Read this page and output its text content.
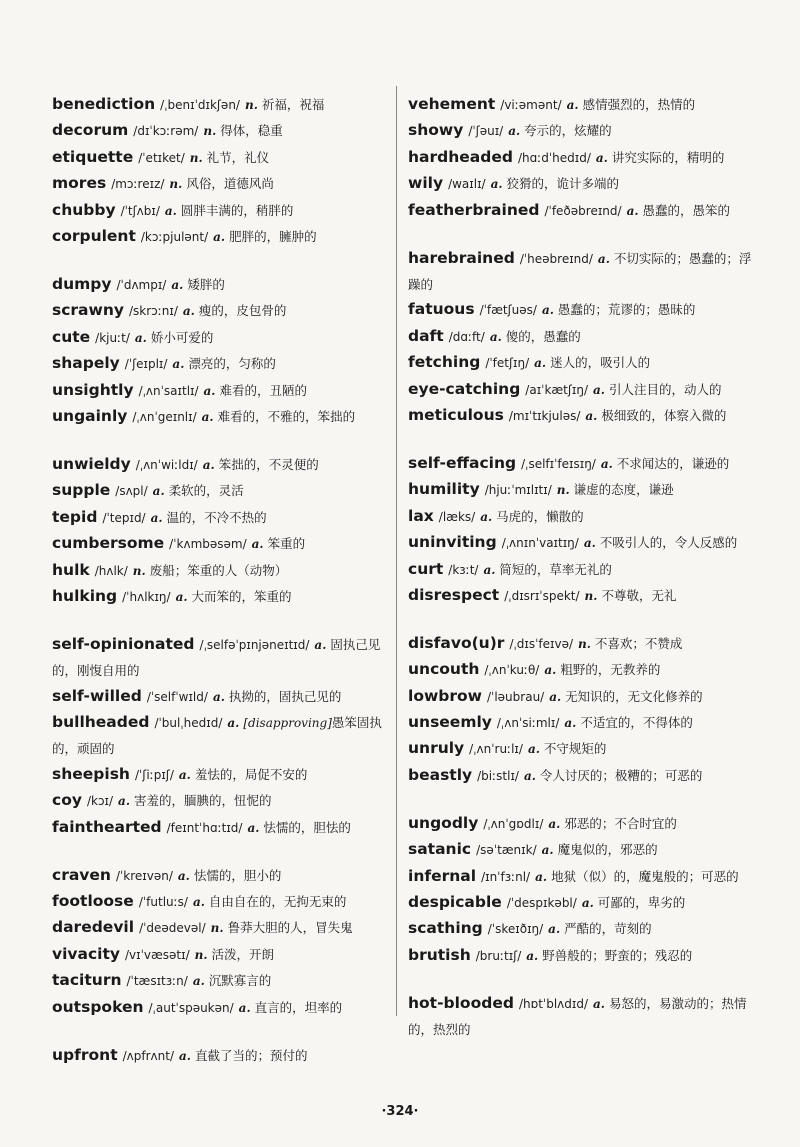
benediction /ˌbenɪˈdɪkʃən/ n. 祈福，祝福

decorum /dɪˈkɔːrəm/ n. 得体，稳重

etiquette /ˈetɪket/ n. 礼节，礼仪

mores /mɔːreɪz/ n. 风俗，道德风尚

chubby /ˈtʃʌbɪ/ a. 圆胖丰满的，稍胖的

corpulent /kɔːpjulənt/ a. 肥胖的，臃肿的

dumpy /ˈdʌmpɪ/ a. 矮胖的

scrawny /skrɔːnɪ/ a. 瘦的，皮包骨的

cute /kjuːt/ a. 娇小可爱的

shapely /ˈʃeɪplɪ/ a. 漂亮的，匀称的

unsightly /ˌʌnˈsaɪtlɪ/ a. 难看的，丑陋的

ungainly /ˌʌnˈgeɪnlɪ/ a. 难看的，不雅的，笨拙的

unwieldy /ˌʌnˈwiːldɪ/ a. 笨拙的，不灵便的

supple /sʌpl/ a. 柔软的，灵活

tepid /ˈtepɪd/ a. 温的，不冷不热的

cumbersome /ˈkʌmbəsəm/ a. 笨重的

hulk /hʌlk/ n. 废船；笨重的人（动物）

hulking /ˈhʌlkɪŋ/ a. 大而笨的，笨重的

self-opinionated /ˌselfəˈpɪnjəneɪtɪd/ a. 固执己见的，刚愎自用的

self-willed /ˈselfˈwɪld/ a. 执拗的，固执己见的

bullheaded /ˈbulˌhedɪd/ a. [disapproving]愚笨固执的，顽固的

sheepish /ˈʃiːpɪʃ/ a. 羞怯的，局促不安的

coy /kɔɪ/ a. 害羞的，腼腆的，忸怩的

fainthearted /feɪntˈhɑːtɪd/ a. 怯懦的，胆怯的

craven /ˈkreɪvən/ a. 怯懦的，胆小的

footloose /ˈfutluːs/ a. 自由自在的，无拘无束的

daredevil /ˈdeədevəl/ n. 鲁莽大胆的人，冒失鬼

vivacity /vɪˈvæsətɪ/ n. 活泼，开朗

taciturn /ˈtæsɪtɜːn/ a. 沉默寡言的

outspoken /ˌautˈspəukən/ a. 直言的，坦率的

upfront /ʌpfrʌnt/ a. 直截了当的；预付的

vehement /viːəmənt/ a. 感情强烈的，热情的

showy /ˈʃəuɪ/ a. 夸示的，炫耀的

hardheaded /hɑːdˈhedɪd/ a. 讲究实际的，精明的

wily /waɪlɪ/ a. 狡猾的，诡计多端的

featherbrained /ˈfeðəbreɪnd/ a. 愚蠢的，愚笨的

harebrained /ˈheəbreɪnd/ a. 不切实际的；愚蠢的；浮躁的

fatuous /ˈfætʃuəs/ a. 愚蠢的；荒谬的；愚昧的

daft /dɑːft/ a. 傻的，愚蠢的

fetching /ˈfetʃɪŋ/ a. 迷人的，吸引人的

eye-catching /aɪˈkætʃɪŋ/ a. 引人注目的，动人的

meticulous /mɪˈtɪkjuləs/ a. 极细致的，体察入微的

self-effacing /ˌselfɪˈfeɪsɪŋ/ a. 不求闻达的，谦逊的

humility /hjuːˈmɪlɪtɪ/ n. 谦虚的态度，谦逊

lax /læks/ a. 马虎的，懒散的

uninviting /ˌʌnɪnˈvaɪtɪŋ/ a. 不吸引人的，令人反感的

curt /kɜːt/ a. 简短的，草率无礼的

disrespect /ˌdɪsrɪˈspekt/ n. 不尊敬，无礼

disfavo(u)r /ˌdɪsˈfeɪvə/ n. 不喜欢；不赞成

uncouth /ˌʌnˈkuːθ/ a. 粗野的，无教养的

lowbrow /ˈləubrau/ a. 无知识的，无文化修养的

unseemly /ˌʌnˈsiːmlɪ/ a. 不适宜的，不得体的

unruly /ˌʌnˈruːlɪ/ a. 不守规矩的

beastly /biːstlɪ/ a. 令人讨厌的；极糟的；可恶的

ungodly /ˌʌnˈgɒdlɪ/ a. 邪恶的；不合时宜的

satanic /səˈtænɪk/ a. 魔鬼似的，邪恶的

infernal /ɪnˈfɜːnl/ a. 地狱（似）的，魔鬼般的；可恶的

despicable /ˈdespɪkəbl/ a. 可鄙的，卑劣的

scathing /ˈskeɪðɪŋ/ a. 严酷的，苛刻的

brutish /bruːtɪʃ/ a. 野兽般的；野蛮的；残忍的

hot-blooded /hɒtˈblʌdɪd/ a. 易怒的，易激动的；热情的，热烈的

·324·
